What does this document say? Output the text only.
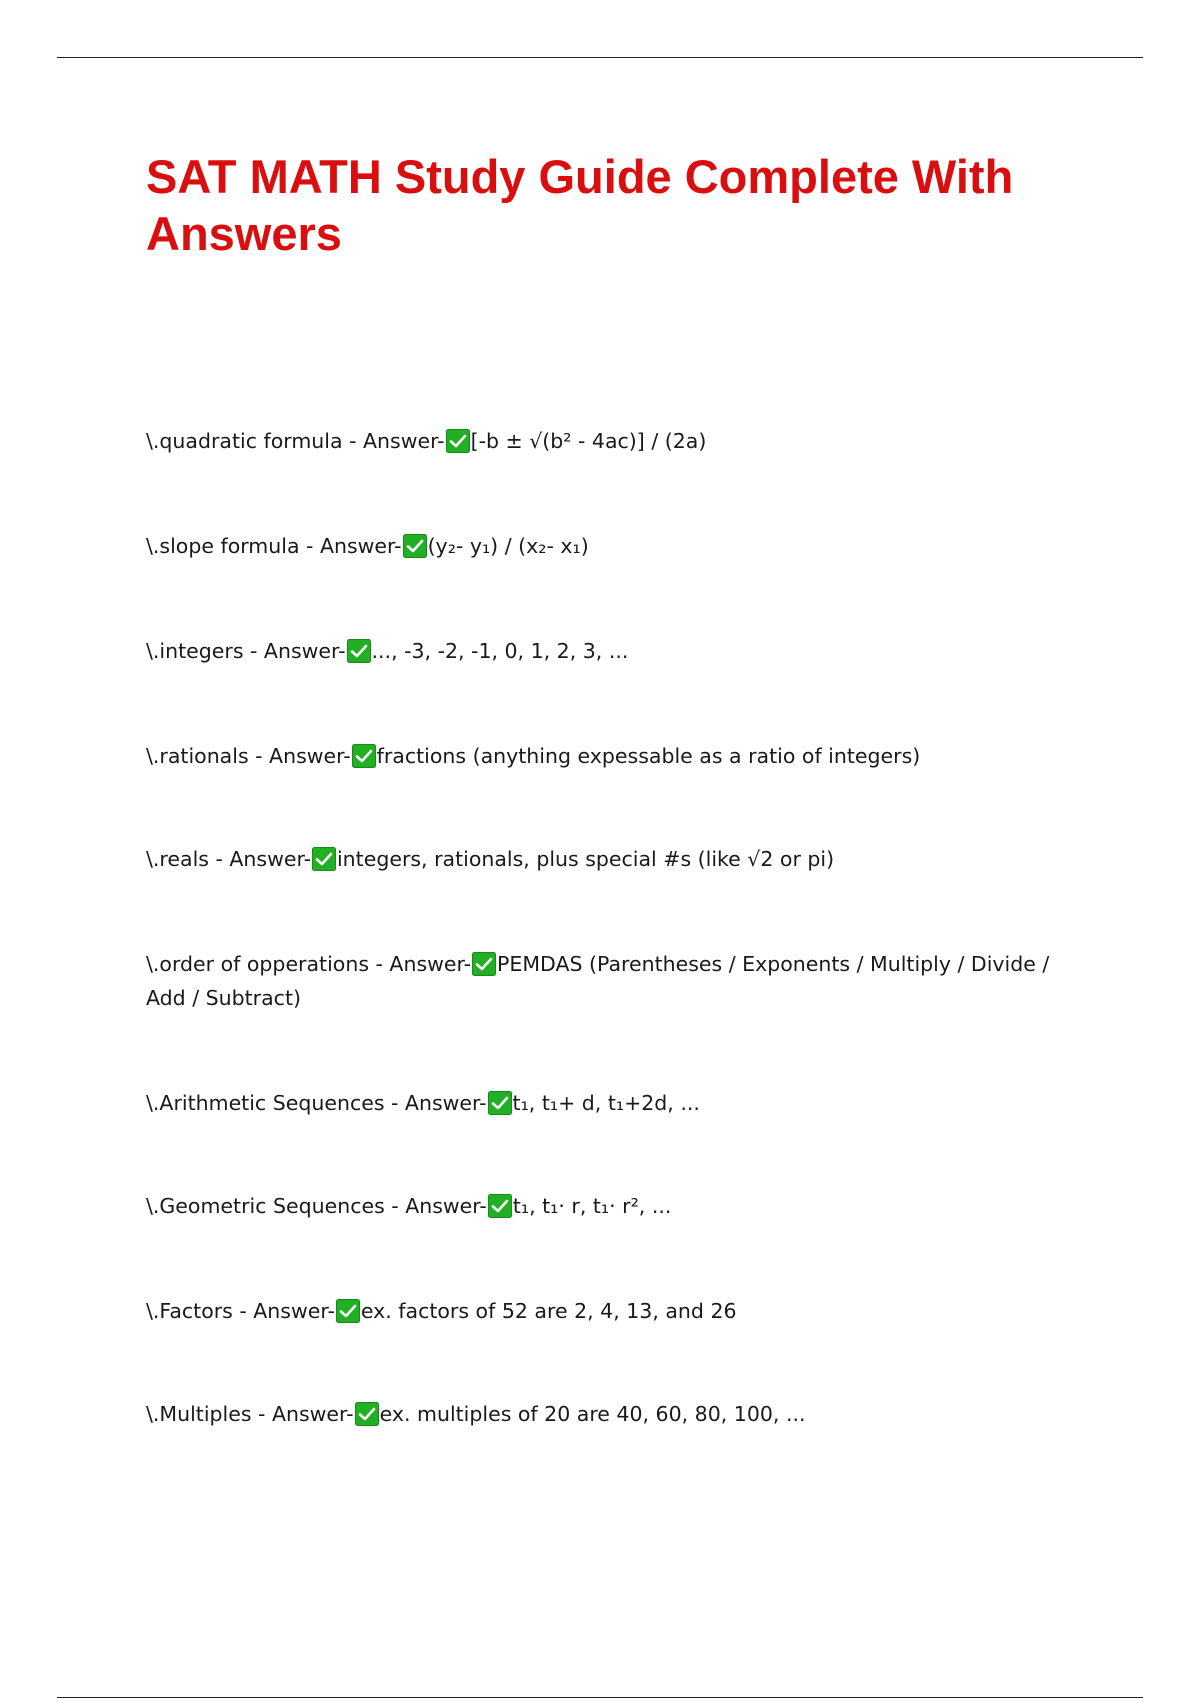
SAT MATH Study Guide Complete With Answers
\.quadratic formula - Answer- [-b ± √(b² - 4ac)] / (2a)
\.slope formula - Answer- (y₂- y₁) / (x₂- x₁)
\.integers - Answer- ..., -3, -2, -1, 0, 1, 2, 3, ...
\.rationals - Answer- fractions (anything expessable as a ratio of integers)
\.reals - Answer- integers, rationals, plus special #s (like √2 or pi)
\.order of opperations - Answer- PEMDAS (Parentheses / Exponents / Multiply / Divide / Add / Subtract)
\.Arithmetic Sequences - Answer- t₁, t₁+ d, t₁+2d, ...
\.Geometric Sequences - Answer- t₁, t₁· r, t₁· r², ...
\.Factors - Answer- ex. factors of 52 are 2, 4, 13, and 26
\.Multiples - Answer- ex. multiples of 20 are 40, 60, 80, 100, ...
